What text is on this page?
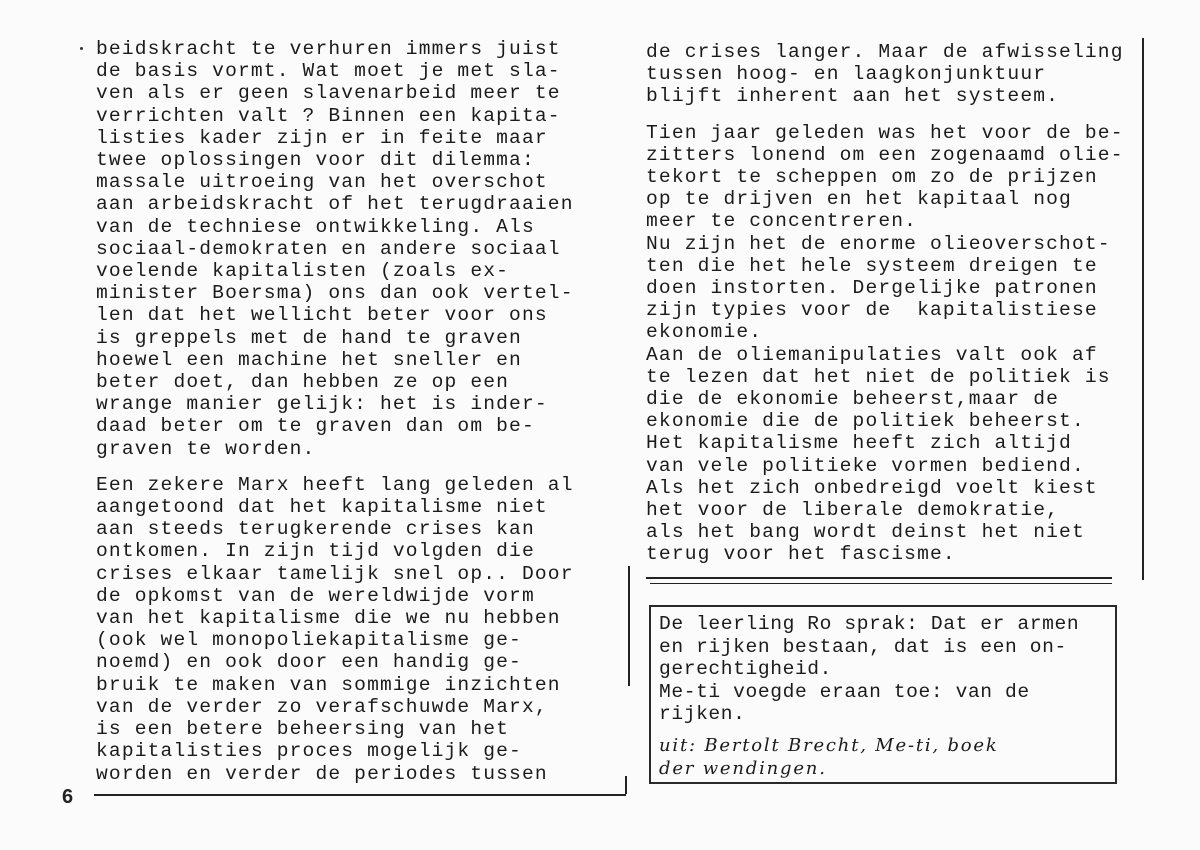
beidskracht te verhuren immers juist

de basis vormt. Wat moet je met sla-

ven als er geen slavenarbeid meer te

verrichten valt ? Binnen een kapita-

listies kader zijn er in feite maar

twee oplossingen voor dit dilemma:

massale uitroeing van het overschot

aan arbeidskracht of het terugdraaien

van de techniese ontwikkeling. Als

sociaal-demokraten en andere sociaal

voelende kapitalisten (zoals ex-

minister Boersma) ons dan ook vertel-

len dat het wellicht beter voor ons

is greppels met de hand te graven

hoewel een machine het sneller en

beter doet, dan hebben ze op een

wrange manier gelijk: het is inder-

daad beter om te graven dan om be-

graven te worden.

Een zekere Marx heeft lang geleden al

aangetoond dat het kapitalisme niet

aan steeds terugkerende crises kan

ontkomen. In zijn tijd volgden die

crises elkaar tamelijk snel op.. Door

de opkomst van de wereldwijde vorm

van het kapitalisme die we nu hebben

(ook wel monopoliekapitalisme ge-

noemd) en ook door een handig ge-

bruik te maken van sommige inzichten

van de verder zo verafschuwde Marx,

is een betere beheersing van het

kapitalisties proces mogelijk ge-

worden en verder de periodes tussen

de crises langer. Maar de afwisseling

tussen hoog- en laagkonjunktuur

blijft inherent aan het systeem.

Tien jaar geleden was het voor de be-

zitters lonend om een zogenaamd olie-

tekort te scheppen om zo de prijzen

op te drijven en het kapitaal nog

meer te concentreren.

Nu zijn het de enorme olieoverschot-

ten die het hele systeem dreigen te

doen instorten. Dergelijke patronen

zijn typies voor de  kapitalistiese

ekonomie.

Aan de oliemanipulaties valt ook af

te lezen dat het niet de politiek is

die de ekonomie beheerst,maar de

ekonomie die de politiek beheerst.

Het kapitalisme heeft zich altijd

van vele politieke vormen bediend.

Als het zich onbedreigd voelt kiest

het voor de liberale demokratie,

als het bang wordt deinst het niet

terug voor het fascisme.

6

De leerling Ro sprak: Dat er armen

en rijken bestaan, dat is een on-

gerechtigheid.

Me-ti voegde eraan toe: van de

rijken.

uit: Bertolt Brecht, Me-ti, boek

der wendingen.
